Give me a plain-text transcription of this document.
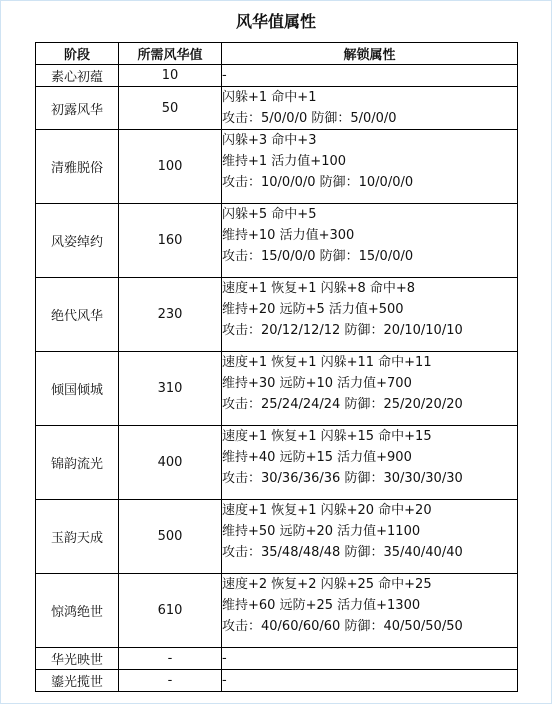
风华值属性
阶段	所需风华值	解锁属性
素心初蕴	10	-

初露风华	50	闪躲+1 命中+1
攻击：5/0/0/0 防御：5/0/0/0

清雅脱俗	100	闪躲+3 命中+3
维持+1 活力值+100
攻击：10/0/0/0 防御：10/0/0/0

风姿绰约	160	闪躲+5 命中+5
维持+10 活力值+300
攻击：15/0/0/0 防御：15/0/0/0

绝代风华	230	速度+1 恢复+1 闪躲+8 命中+8
维持+20 远防+5 活力值+500
攻击：20/12/12/12 防御：20/10/10/10

倾国倾城	310	速度+1 恢复+1 闪躲+11 命中+11
维持+30 远防+10 活力值+700
攻击：25/24/24/24 防御：25/20/20/20

锦韵流光	400	速度+1 恢复+1 闪躲+15 命中+15
维持+40 远防+15 活力值+900
攻击：30/36/36/36 防御：30/30/30/30

玉韵天成	500	速度+1 恢复+1 闪躲+20 命中+20
维持+50 远防+20 活力值+1100
攻击：35/48/48/48 防御：35/40/40/40

惊鸿绝世	610	速度+2 恢复+2 闪躲+25 命中+25
维持+60 远防+25 活力值+1300
攻击：40/60/60/60 防御：40/50/50/50

华光映世	-	-

鎏光揽世	-	-
